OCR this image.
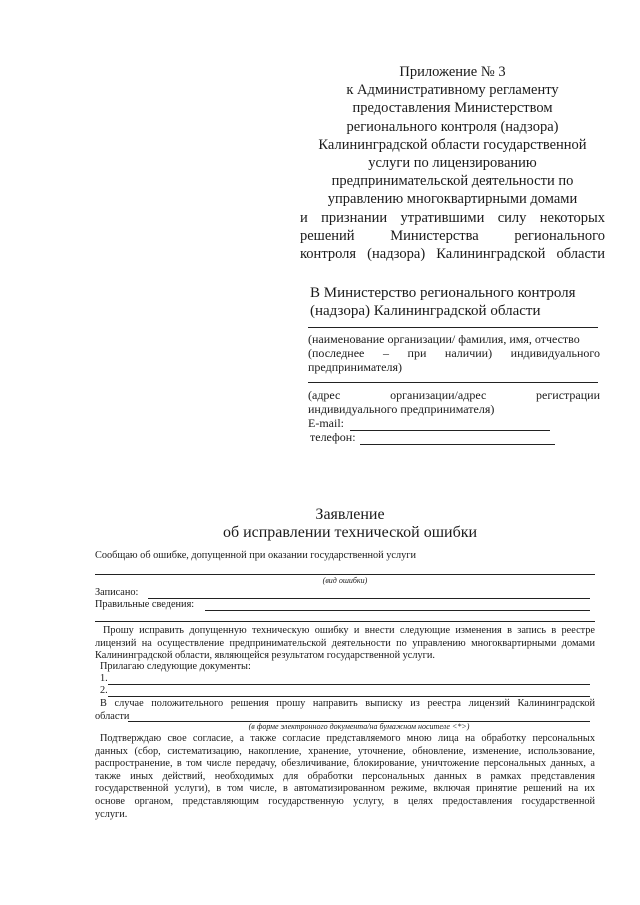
Приложение № 3
к Административному регламенту
предоставления Министерством
регионального контроля (надзора)
Калининградской области государственной
услуги по лицензированию
предпринимательской деятельности по
управлению многоквартирными домами
и признании утратившими силу некоторых
решений Министерства регионального
контроля (надзора) Калининградской области
В Министерство регионального контроля
(надзора) Калининградской области
(наименование организации/ фамилия, имя, отчество
(последнее – при наличии) индивидуального
предпринимателя)
(адрес организации/адрес регистрации
индивидуального предпринимателя)
E-mail:
телефон:
Заявление
об исправлении технической ошибки
Сообщаю об ошибке, допущенной при оказании государственной услуги
(вид ошибки)
Записано:
Правильные сведения:
Прошу исправить допущенную техническую ошибку и внести следующие изменения в запись в реестре
лицензий на осуществление предпринимательской деятельности по управлению многоквартирными домами
Калининградской области, являющейся результатом государственной услуги.
Прилагаю следующие документы:
1.
2.
В случае положительного решения прошу направить выписку из реестра лицензий Калининградской
области
(в форме электронного документа/на бумажном носителе <*>)
Подтверждаю свое согласие, а также согласие представляемого мною лица на обработку персональных
данных (сбор, систематизацию, накопление, хранение, уточнение, обновление, изменение, использование,
распространение, в том числе передачу, обезличивание, блокирование, уничтожение персональных данных, а
также иных действий, необходимых для обработки персональных данных в рамках представления
государственной услуги), в том числе, в автоматизированном режиме, включая принятие решений на их
основе органом, представляющим государственную услугу, в целях предоставления государственной
услуги.
